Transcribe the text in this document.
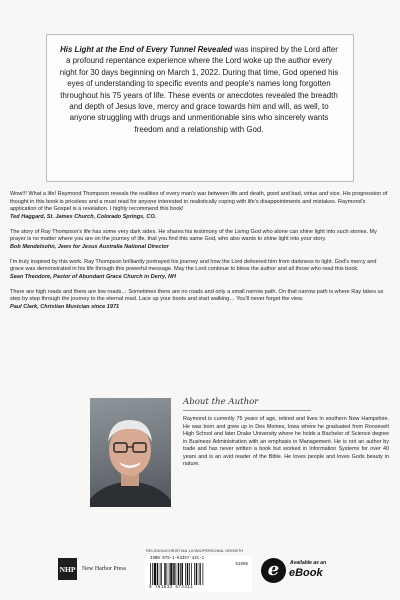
His Light at the End of Every Tunnel Revealed was inspired by the Lord after a profound repentance experience where the Lord woke up the author every night for 30 days beginning on March 1, 2022. During that time, God opened his eyes of understanding to specific events and people's names long forgotten throughout his 75 years of life. These events or anecdotes revealed the breadth and depth of Jesus love, mercy and grace towards him and will, as well, to anyone struggling with drugs and unmentionable sins who sincerely wants freedom and a relationship with God.
Wow!!! What a life! Raymond Thompson reveals the realities of every man's war between life and death, good and bad, virtue and vice. His progression of thought in this book is priceless and a must read for anyone interested in realistically coping with life's disappointments and mistakes. Raymond's application of the Gospel is a revelation. I highly recommend this book!
Ted Haggard, St. James Church, Colorado Springs, CO.
The story of Ray Thompson's life has some very dark sides. He shares his testimony of the Living God who alone can shine light into such stories. My prayer is no matter where you are on the journey of life, that you find this same God, who also wants to shine light into your story.
Bob Mendelsohn, Jews for Jesus Australia National Director
I'm truly inspired by this work. Ray Thompson brilliantly portrayed his journey and how the Lord delivered him from darkness to light. God's mercy and grace was demonstrated in his life through this powerful message. May the Lord continue to bless the author and all those who read this book.
Sean Theodore, Pastor of Abundant Grace Church in Derry, NH
There are high roads and there are low roads… Sometimes there are no roads and only a small narrow path. On that narrow path is where Ray takes us step by step through the journey to the eternal road. Lace up your boots and start walking… You'll never forget the view.
Paul Clark, Christian Musician since 1971
About the Author
Raymond is currently 75 years of age, retired and lives in southern New Hampshire. He was born and grew up in Des Moines, Iowa where he graduated from Roosevelt High School and later Drake University where he holds a Bachelor of Science degree in Business Administration with an emphasis in Management. He is not an author by trade and has never written a book but worked in Information Systems for over 40 years and is an avid reader of the Bible. He loves people and loves Gods beauty in nature.
NHP New Harbor Press
RELIGION/CHRISTIAN LIVING/PERSONAL GROWTH
ISBN 978-1-63357-431-1
51695
9 781633 574311
e	Available as an
eBook
